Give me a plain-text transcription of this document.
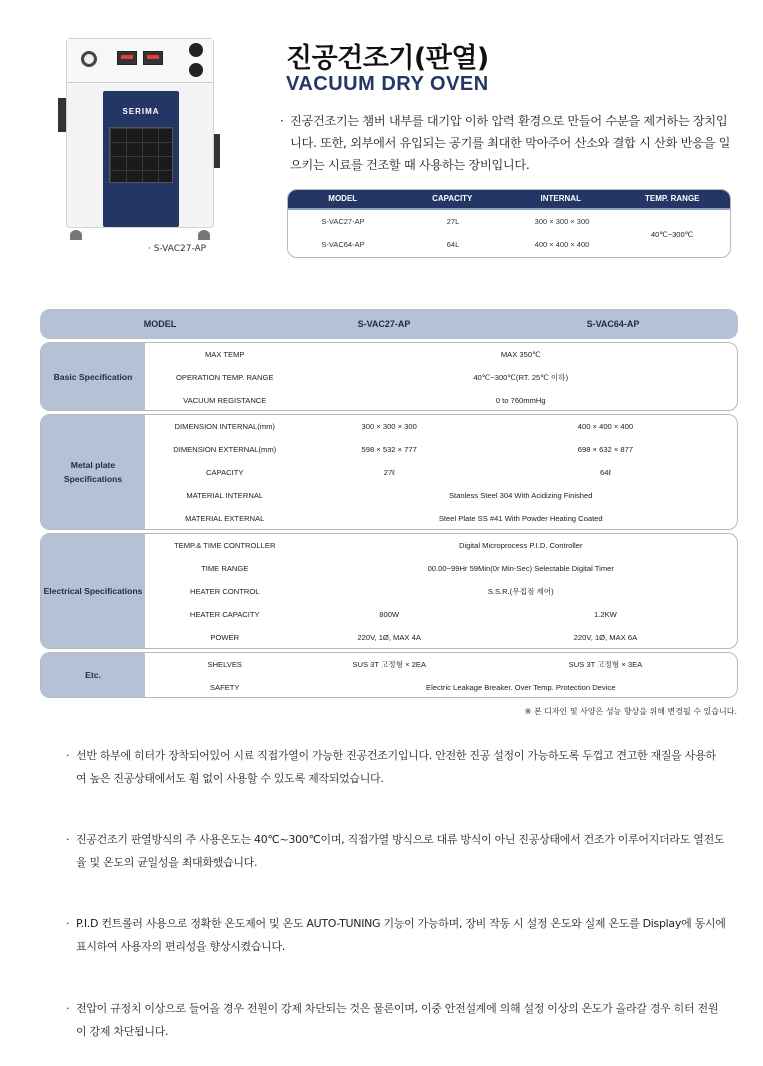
SERIMA
· S-VAC27-AP
진공건조기(판열)
VACUUM DRY OVEN
· 진공건조기는 챔버 내부를 대기압 이하 압력 환경으로 만들어 수분을 제거하는 장치입니다. 또한, 외부에서 유입되는 공기를 최대한 막아주어 산소와 결합 시 산화 반응을 일으키는 시료를 건조할 때 사용하는 장비입니다.
MODEL	CAPACITY	INTERNAL	TEMP. RANGE
S-VAC27-AP	27L	300 × 300 × 300
S-VAC64-AP	64L	400 × 400 × 400
40℃~300℃
MODEL	S-VAC27-AP	S-VAC64-AP
Basic Specification
MAX TEMP	MAX 350℃
OPERATION TEMP. RANGE	40℃~300℃(RT. 25℃ 이하)
VACUUM REGISTANCE	0 to 760mmHg
Metal plate Specifications
DIMENSION INTERNAL(mm)	300 × 300 × 300	400 × 400 × 400
DIMENSION EXTERNAL(mm)	598 × 532 × 777	698 × 632 × 877
CAPACITY	27ℓ	64ℓ
MATERIAL INTERNAL	Stanless Steel 304 With Acidizing Finished
MATERIAL EXTERNAL	Steel Plate SS #41 With Powder Heating Coated
Electrical Specifications
TEMP.& TIME CONTROLLER	Digital Microprocess P.I.D. Controller
TIME RANGE	00.00~99Hr 59Min(0r Min-Sec) Selectable Digital Timer
HEATER CONTROL	S.S.R.(무접점 제어)
HEATER CAPACITY	800W	1.2KW
POWER	220V, 1Ø, MAX 4A	220V, 1Ø, MAX 6A
Etc.
SHELVES	SUS 3T 고정형 × 2EA	SUS 3T 고정형 × 3EA
SAFETY	Electric Leakage Breaker. Over Temp. Protection Device
※ 본 디자인 및 사양은 성능 향상을 위해 변경될 수 있습니다.
· 선반 하부에 히터가 장착되어있어 시료 직접가열이 가능한 진공건조기입니다. 안전한 진공 설정이 가능하도록 두껍고 견고한 재질을 사용하여 높은 진공상태에서도 휨 없이 사용할 수 있도록 제작되었습니다.
· 진공건조기 판열방식의 주 사용온도는 40℃~300℃이며, 직접가열 방식으로 대류 방식이 아닌 진공상태에서 건조가 이루어지더라도 열전도율 및 온도의 균일성을 최대화했습니다.
· P.I.D 컨트롤러 사용으로 정확한 온도제어 및 온도 AUTO-TUNING 기능이 가능하며, 장비 작동 시 설정 온도와 실제 온도를 Display에 동시에 표시하여 사용자의 편리성을 향상시켰습니다.
· 전압이 규정치 이상으로 들어올 경우 전원이 강제 차단되는 것은 물론이며, 이중 안전설계에 의해 설정 이상의 온도가 올라갈 경우 히터 전원이 강제 차단됩니다.
